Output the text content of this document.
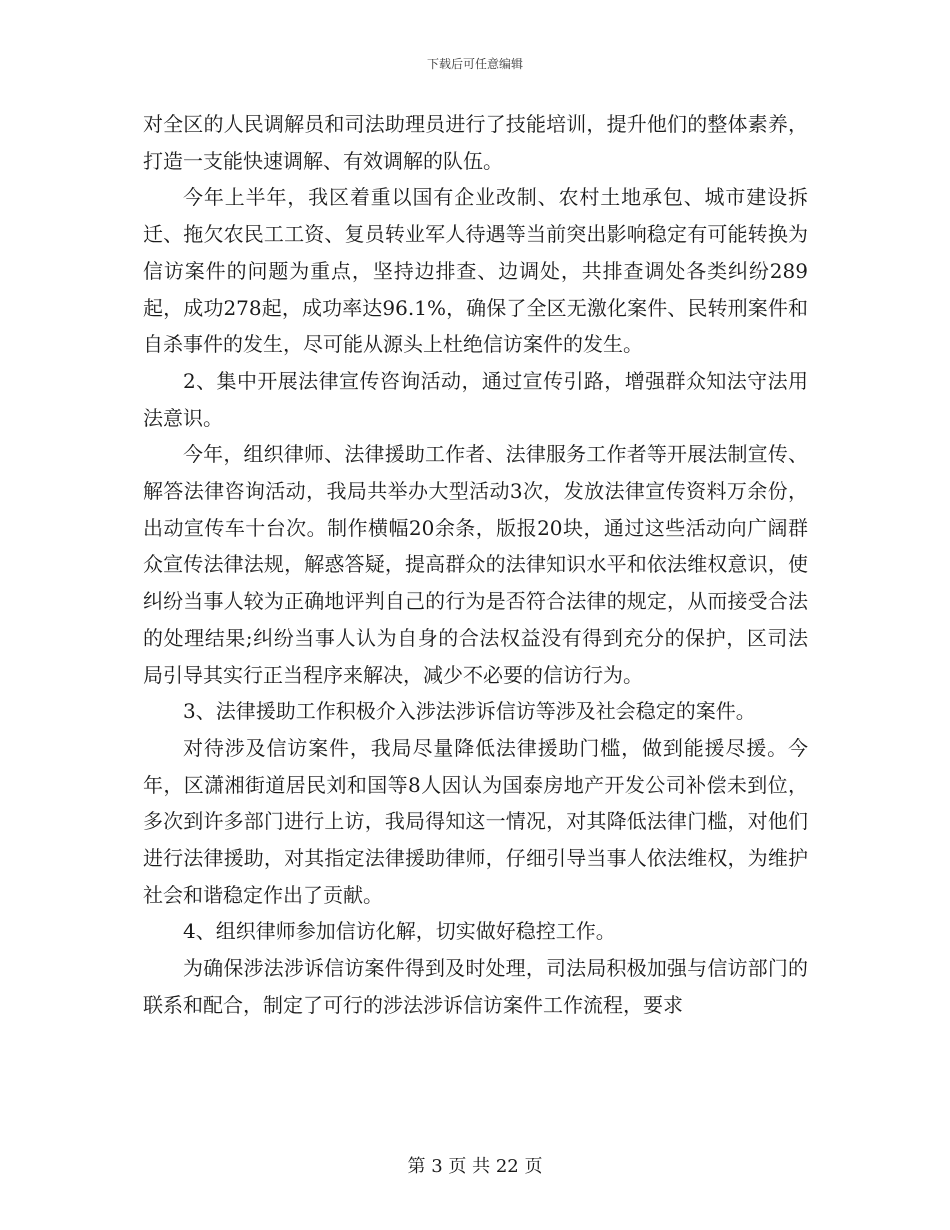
下载后可任意编辑

对全区的人民调解员和司法助理员进行了技能培训，提升他们的整体素养，打造一支能快速调解、有效调解的队伍。

今年上半年，我区着重以国有企业改制、农村土地承包、城市建设拆迁、拖欠农民工工资、复员转业军人待遇等当前突出影响稳定有可能转换为信访案件的问题为重点，坚持边排查、边调处，共排查调处各类纠纷289起，成功278起，成功率达96.1%，确保了全区无激化案件、民转刑案件和自杀事件的发生，尽可能从源头上杜绝信访案件的发生。

2、集中开展法律宣传咨询活动，通过宣传引路，增强群众知法守法用法意识。

今年，组织律师、法律援助工作者、法律服务工作者等开展法制宣传、解答法律咨询活动，我局共举办大型活动3次，发放法律宣传资料万余份，出动宣传车十台次。制作横幅20余条，版报20块，通过这些活动向广阔群众宣传法律法规，解惑答疑，提高群众的法律知识水平和依法维权意识，使纠纷当事人较为正确地评判自己的行为是否符合法律的规定，从而接受合法的处理结果;纠纷当事人认为自身的合法权益没有得到充分的保护，区司法局引导其实行正当程序来解决，减少不必要的信访行为。

3、法律援助工作积极介入涉法涉诉信访等涉及社会稳定的案件。

对待涉及信访案件，我局尽量降低法律援助门槛，做到能援尽援。今年，区潇湘街道居民刘和国等8人因认为国泰房地产开发公司补偿未到位，多次到许多部门进行上访，我局得知这一情况，对其降低法律门槛，对他们进行法律援助，对其指定法律援助律师，仔细引导当事人依法维权，为维护社会和谐稳定作出了贡献。

4、组织律师参加信访化解，切实做好稳控工作。

为确保涉法涉诉信访案件得到及时处理，司法局积极加强与信访部门的联系和配合，制定了可行的涉法涉诉信访案件工作流程，要求

第 3 页 共 22 页
